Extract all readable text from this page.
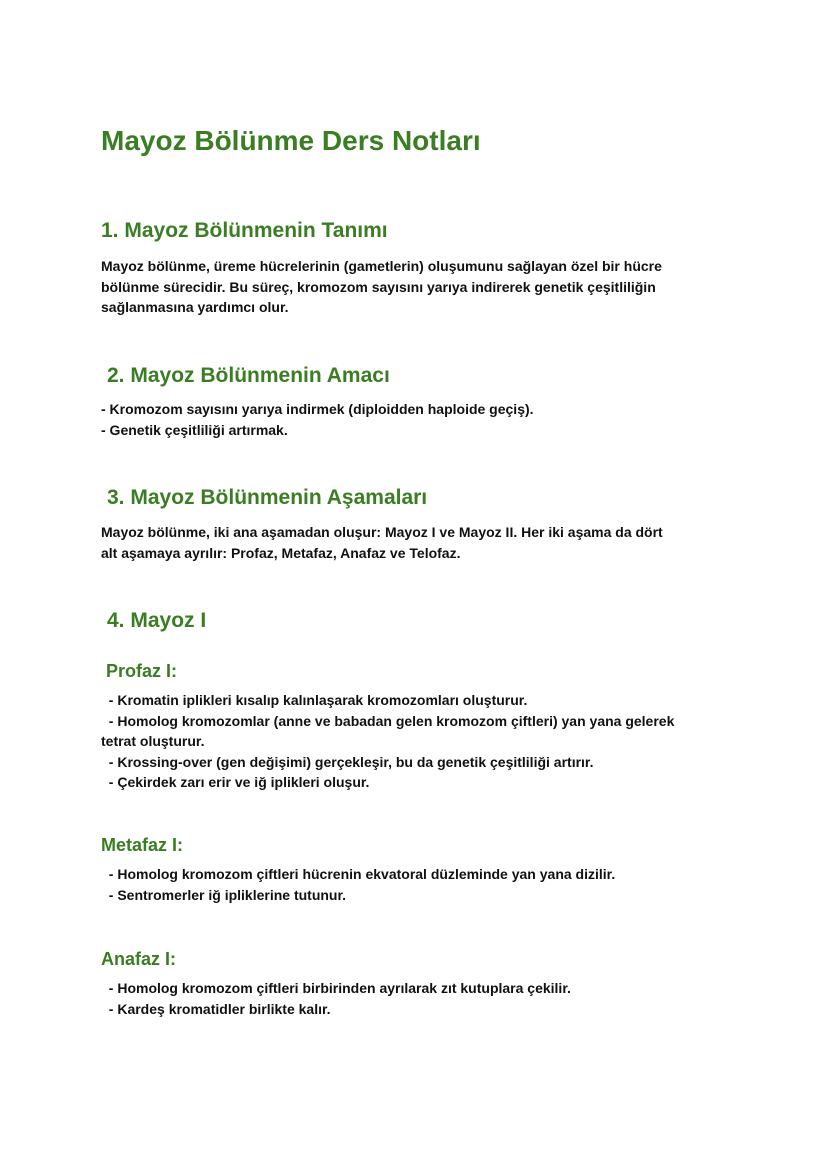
Mayoz Bölünme Ders Notları
1. Mayoz Bölünmenin Tanımı
Mayoz bölünme, üreme hücrelerinin (gametlerin) oluşumunu sağlayan özel bir hücre
bölünme sürecidir. Bu süreç, kromozom sayısını yarıya indirerek genetik çeşitliliğin
sağlanmasına yardımcı olur.
2. Mayoz Bölünmenin Amacı
- Kromozom sayısını yarıya indirmek (diploidden haploide geçiş).
- Genetik çeşitliliği artırmak.
3. Mayoz Bölünmenin Aşamaları
Mayoz bölünme, iki ana aşamadan oluşur: Mayoz I ve Mayoz II. Her iki aşama da dört
alt aşamaya ayrılır: Profaz, Metafaz, Anafaz ve Telofaz.
4. Mayoz I
Profaz I:
- Kromatin iplikleri kısalıp kalınlaşarak kromozomları oluşturur.
- Homolog kromozomlar (anne ve babadan gelen kromozom çiftleri) yan yana gelerek
tetrat oluşturur.
- Krossing-over (gen değişimi) gerçekleşir, bu da genetik çeşitliliği artırır.
- Çekirdek zarı erir ve iğ iplikleri oluşur.
Metafaz I:
- Homolog kromozom çiftleri hücrenin ekvatoral düzleminde yan yana dizilir.
- Sentromerler iğ ipliklerine tutunur.
Anafaz I:
- Homolog kromozom çiftleri birbirinden ayrılarak zıt kutuplara çekilir.
- Kardeş kromatidler birlikte kalır.
